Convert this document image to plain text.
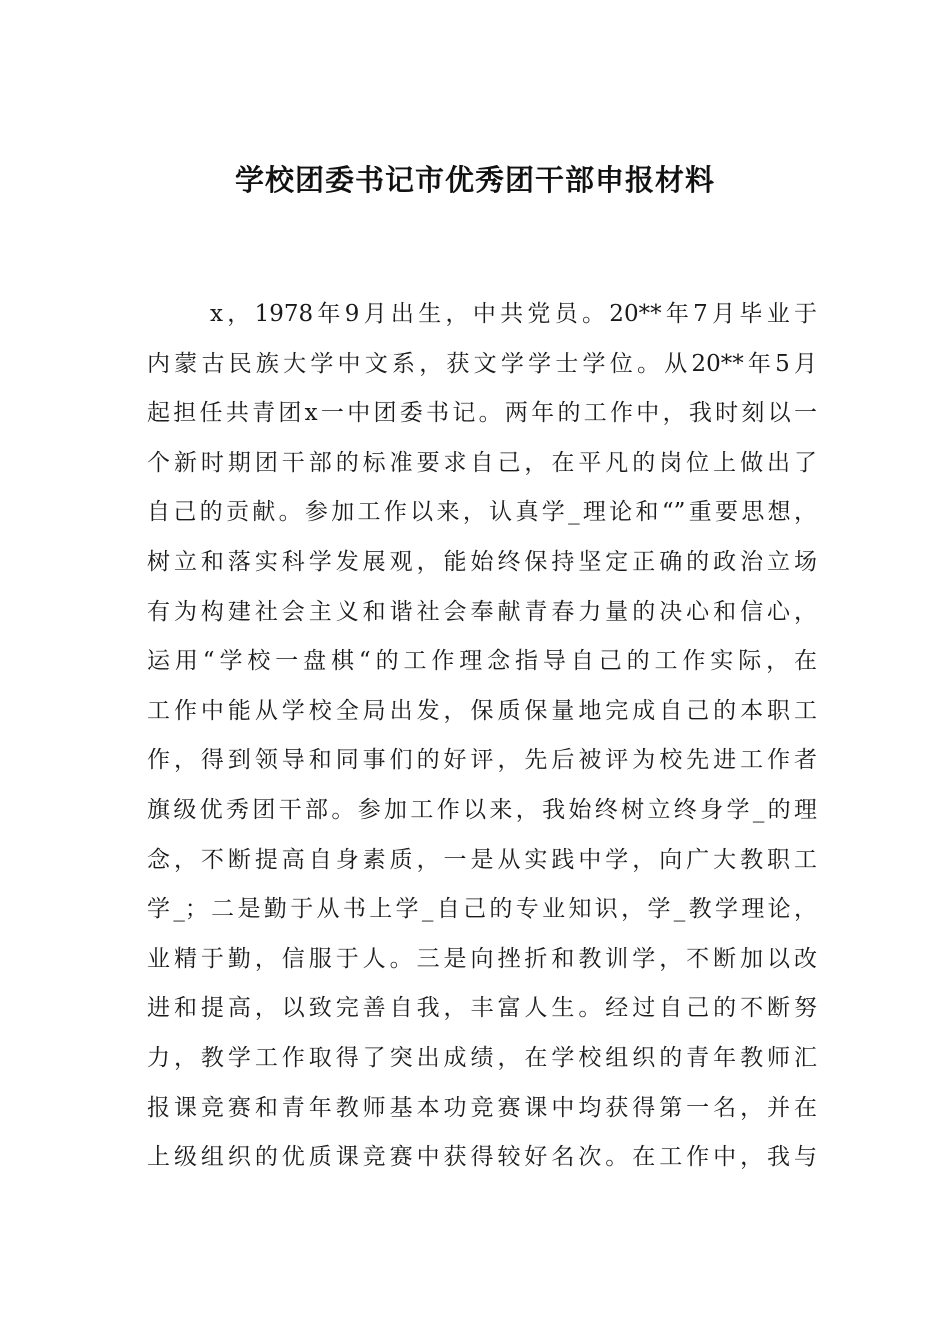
学校团委书记市优秀团干部申报材料
x，1978年9月出生，中共党员。20**年7月毕业于
内蒙古民族大学中文系，获文学学士学位。从20**年5月
起担任共青团x一中团委书记。两年的工作中，我时刻以一
个新时期团干部的标准要求自己，在平凡的岗位上做出了
自己的贡献。参加工作以来，认真学_理论和“”重要思想，
树立和落实科学发展观，能始终保持坚定正确的政治立场
有为构建社会主义和谐社会奉献青春力量的决心和信心，
运用“学校一盘棋“的工作理念指导自己的工作实际，在
工作中能从学校全局出发，保质保量地完成自己的本职工
作，得到领导和同事们的好评，先后被评为校先进工作者
旗级优秀团干部。参加工作以来，我始终树立终身学_的理
念，不断提高自身素质，一是从实践中学，向广大教职工
学_；二是勤于从书上学_自己的专业知识，学_教学理论，
业精于勤，信服于人。三是向挫折和教训学，不断加以改
进和提高，以致完善自我，丰富人生。经过自己的不断努
力，教学工作取得了突出成绩，在学校组织的青年教师汇
报课竞赛和青年教师基本功竞赛课中均获得第一名，并在
上级组织的优质课竞赛中获得较好名次。在工作中，我与
